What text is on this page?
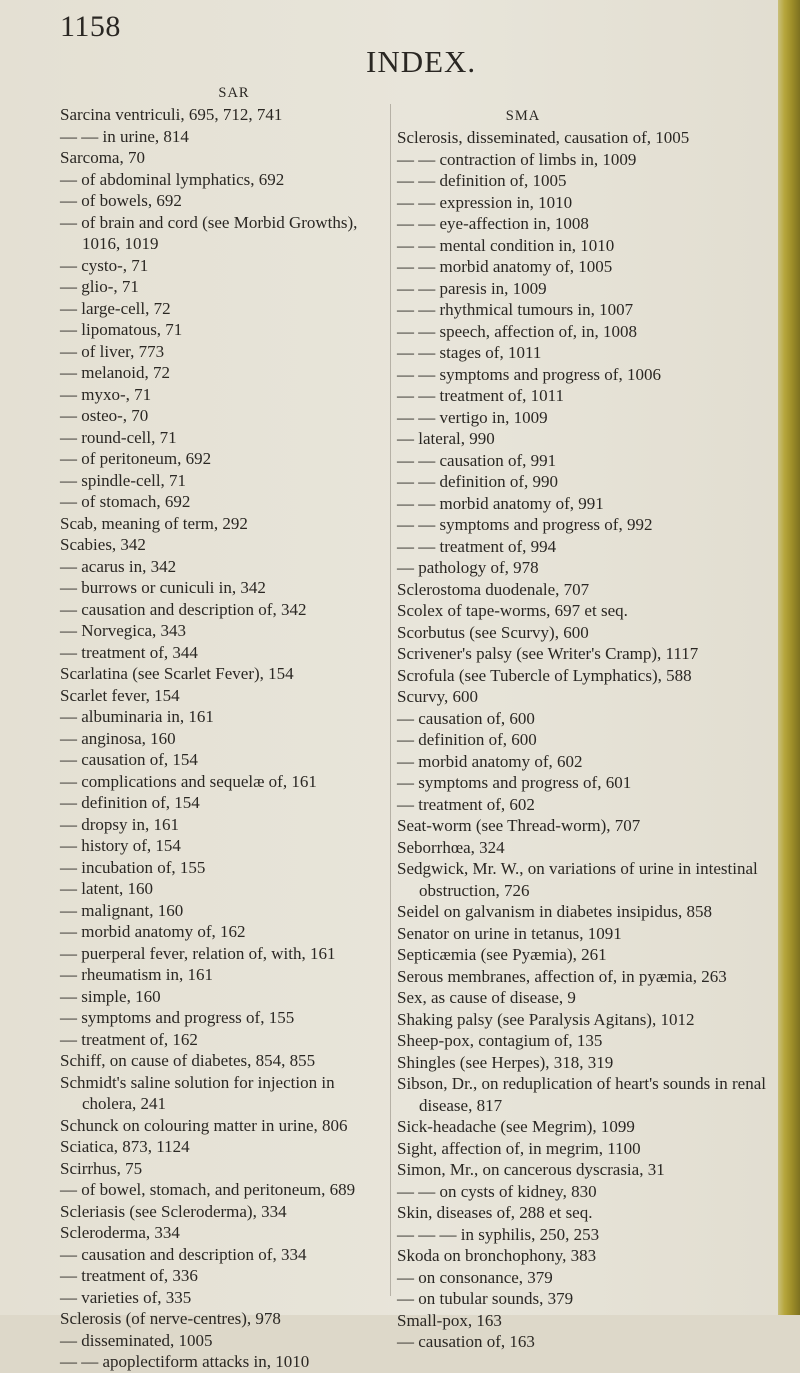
1158
INDEX.
SAR
Sarcina ventriculi, 695, 712, 741
— — in urine, 814
Sarcoma, 70
— of abdominal lymphatics, 692
— of bowels, 692
— of brain and cord (see Morbid Growths), 1016, 1019
— cysto-, 71
— glio-, 71
— large-cell, 72
— lipomatous, 71
— of liver, 773
— melanoid, 72
— myxo-, 71
— osteo-, 70
— round-cell, 71
— of peritoneum, 692
— spindle-cell, 71
— of stomach, 692
Scab, meaning of term, 292
Scabies, 342
— acarus in, 342
— burrows or cuniculi in, 342
— causation and description of, 342
— Norvegica, 343
— treatment of, 344
Scarlatina (see Scarlet Fever), 154
Scarlet fever, 154
— albuminaria in, 161
— anginosa, 160
— causation of, 154
— complications and sequelæ of, 161
— definition of, 154
— dropsy in, 161
— history of, 154
— incubation of, 155
— latent, 160
— malignant, 160
— morbid anatomy of, 162
— puerperal fever, relation of, with, 161
— rheumatism in, 161
— simple, 160
— symptoms and progress of, 155
— treatment of, 162
Schiff, on cause of diabetes, 854, 855
Schmidt's saline solution for injection in cholera, 241
Schunck on colouring matter in urine, 806
Sciatica, 873, 1124
Scirrhus, 75
— of bowel, stomach, and peritoneum, 689
Scleriasis (see Scleroderma), 334
Scleroderma, 334
— causation and description of, 334
— treatment of, 336
— varieties of, 335
Sclerosis (of nerve-centres), 978
— disseminated, 1005
— — apoplectiform attacks in, 1010
SMA
Sclerosis, disseminated, causation of, 1005
— — contraction of limbs in, 1009
— — definition of, 1005
— — expression in, 1010
— — eye-affection in, 1008
— — mental condition in, 1010
— — morbid anatomy of, 1005
— — paresis in, 1009
— — rhythmical tumours in, 1007
— — speech, affection of, in, 1008
— — stages of, 1011
— — symptoms and progress of, 1006
— — treatment of, 1011
— — vertigo in, 1009
— lateral, 990
— — causation of, 991
— — definition of, 990
— — morbid anatomy of, 991
— — symptoms and progress of, 992
— — treatment of, 994
— pathology of, 978
Sclerostoma duodenale, 707
Scolex of tape-worms, 697 et seq.
Scorbutus (see Scurvy), 600
Scrivener's palsy (see Writer's Cramp), 1117
Scrofula (see Tubercle of Lymphatics), 588
Scurvy, 600
— causation of, 600
— definition of, 600
— morbid anatomy of, 602
— symptoms and progress of, 601
— treatment of, 602
Seat-worm (see Thread-worm), 707
Seborrhœa, 324
Sedgwick, Mr. W., on variations of urine in intestinal obstruction, 726
Seidel on galvanism in diabetes insipidus, 858
Senator on urine in tetanus, 1091
Septicæmia (see Pyæmia), 261
Serous membranes, affection of, in pyæmia, 263
Sex, as cause of disease, 9
Shaking palsy (see Paralysis Agitans), 1012
Sheep-pox, contagium of, 135
Shingles (see Herpes), 318, 319
Sibson, Dr., on reduplication of heart's sounds in renal disease, 817
Sick-headache (see Megrim), 1099
Sight, affection of, in megrim, 1100
Simon, Mr., on cancerous dyscrasia, 31
— — on cysts of kidney, 830
Skin, diseases of, 288 et seq.
— — — in syphilis, 250, 253
Skoda on bronchophony, 383
— on consonance, 379
— on tubular sounds, 379
Small-pox, 163
— causation of, 163
